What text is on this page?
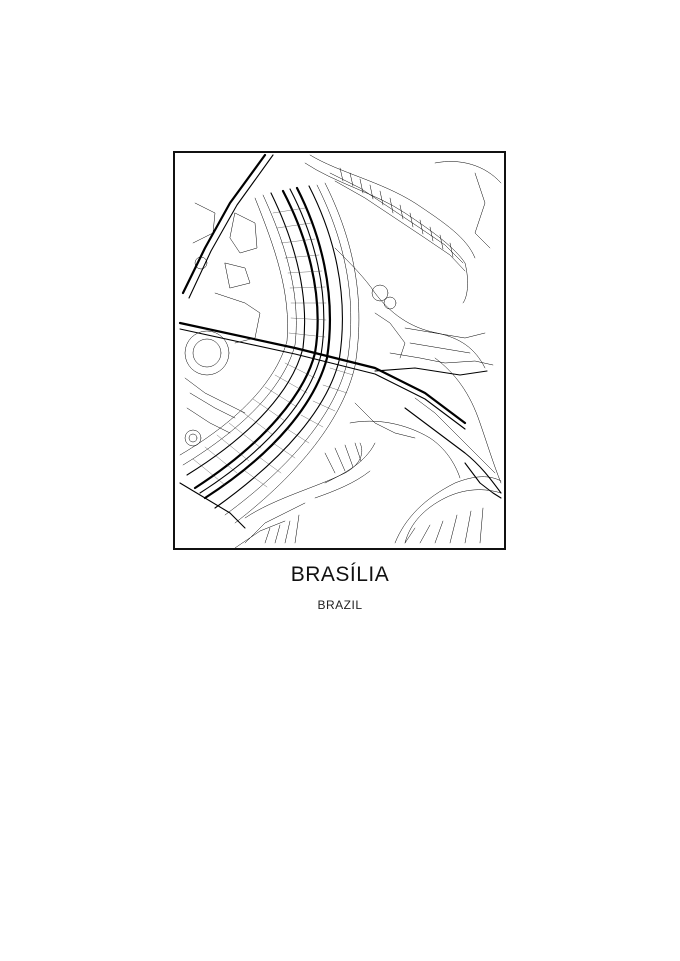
BRASÍLIA
BRAZIL
